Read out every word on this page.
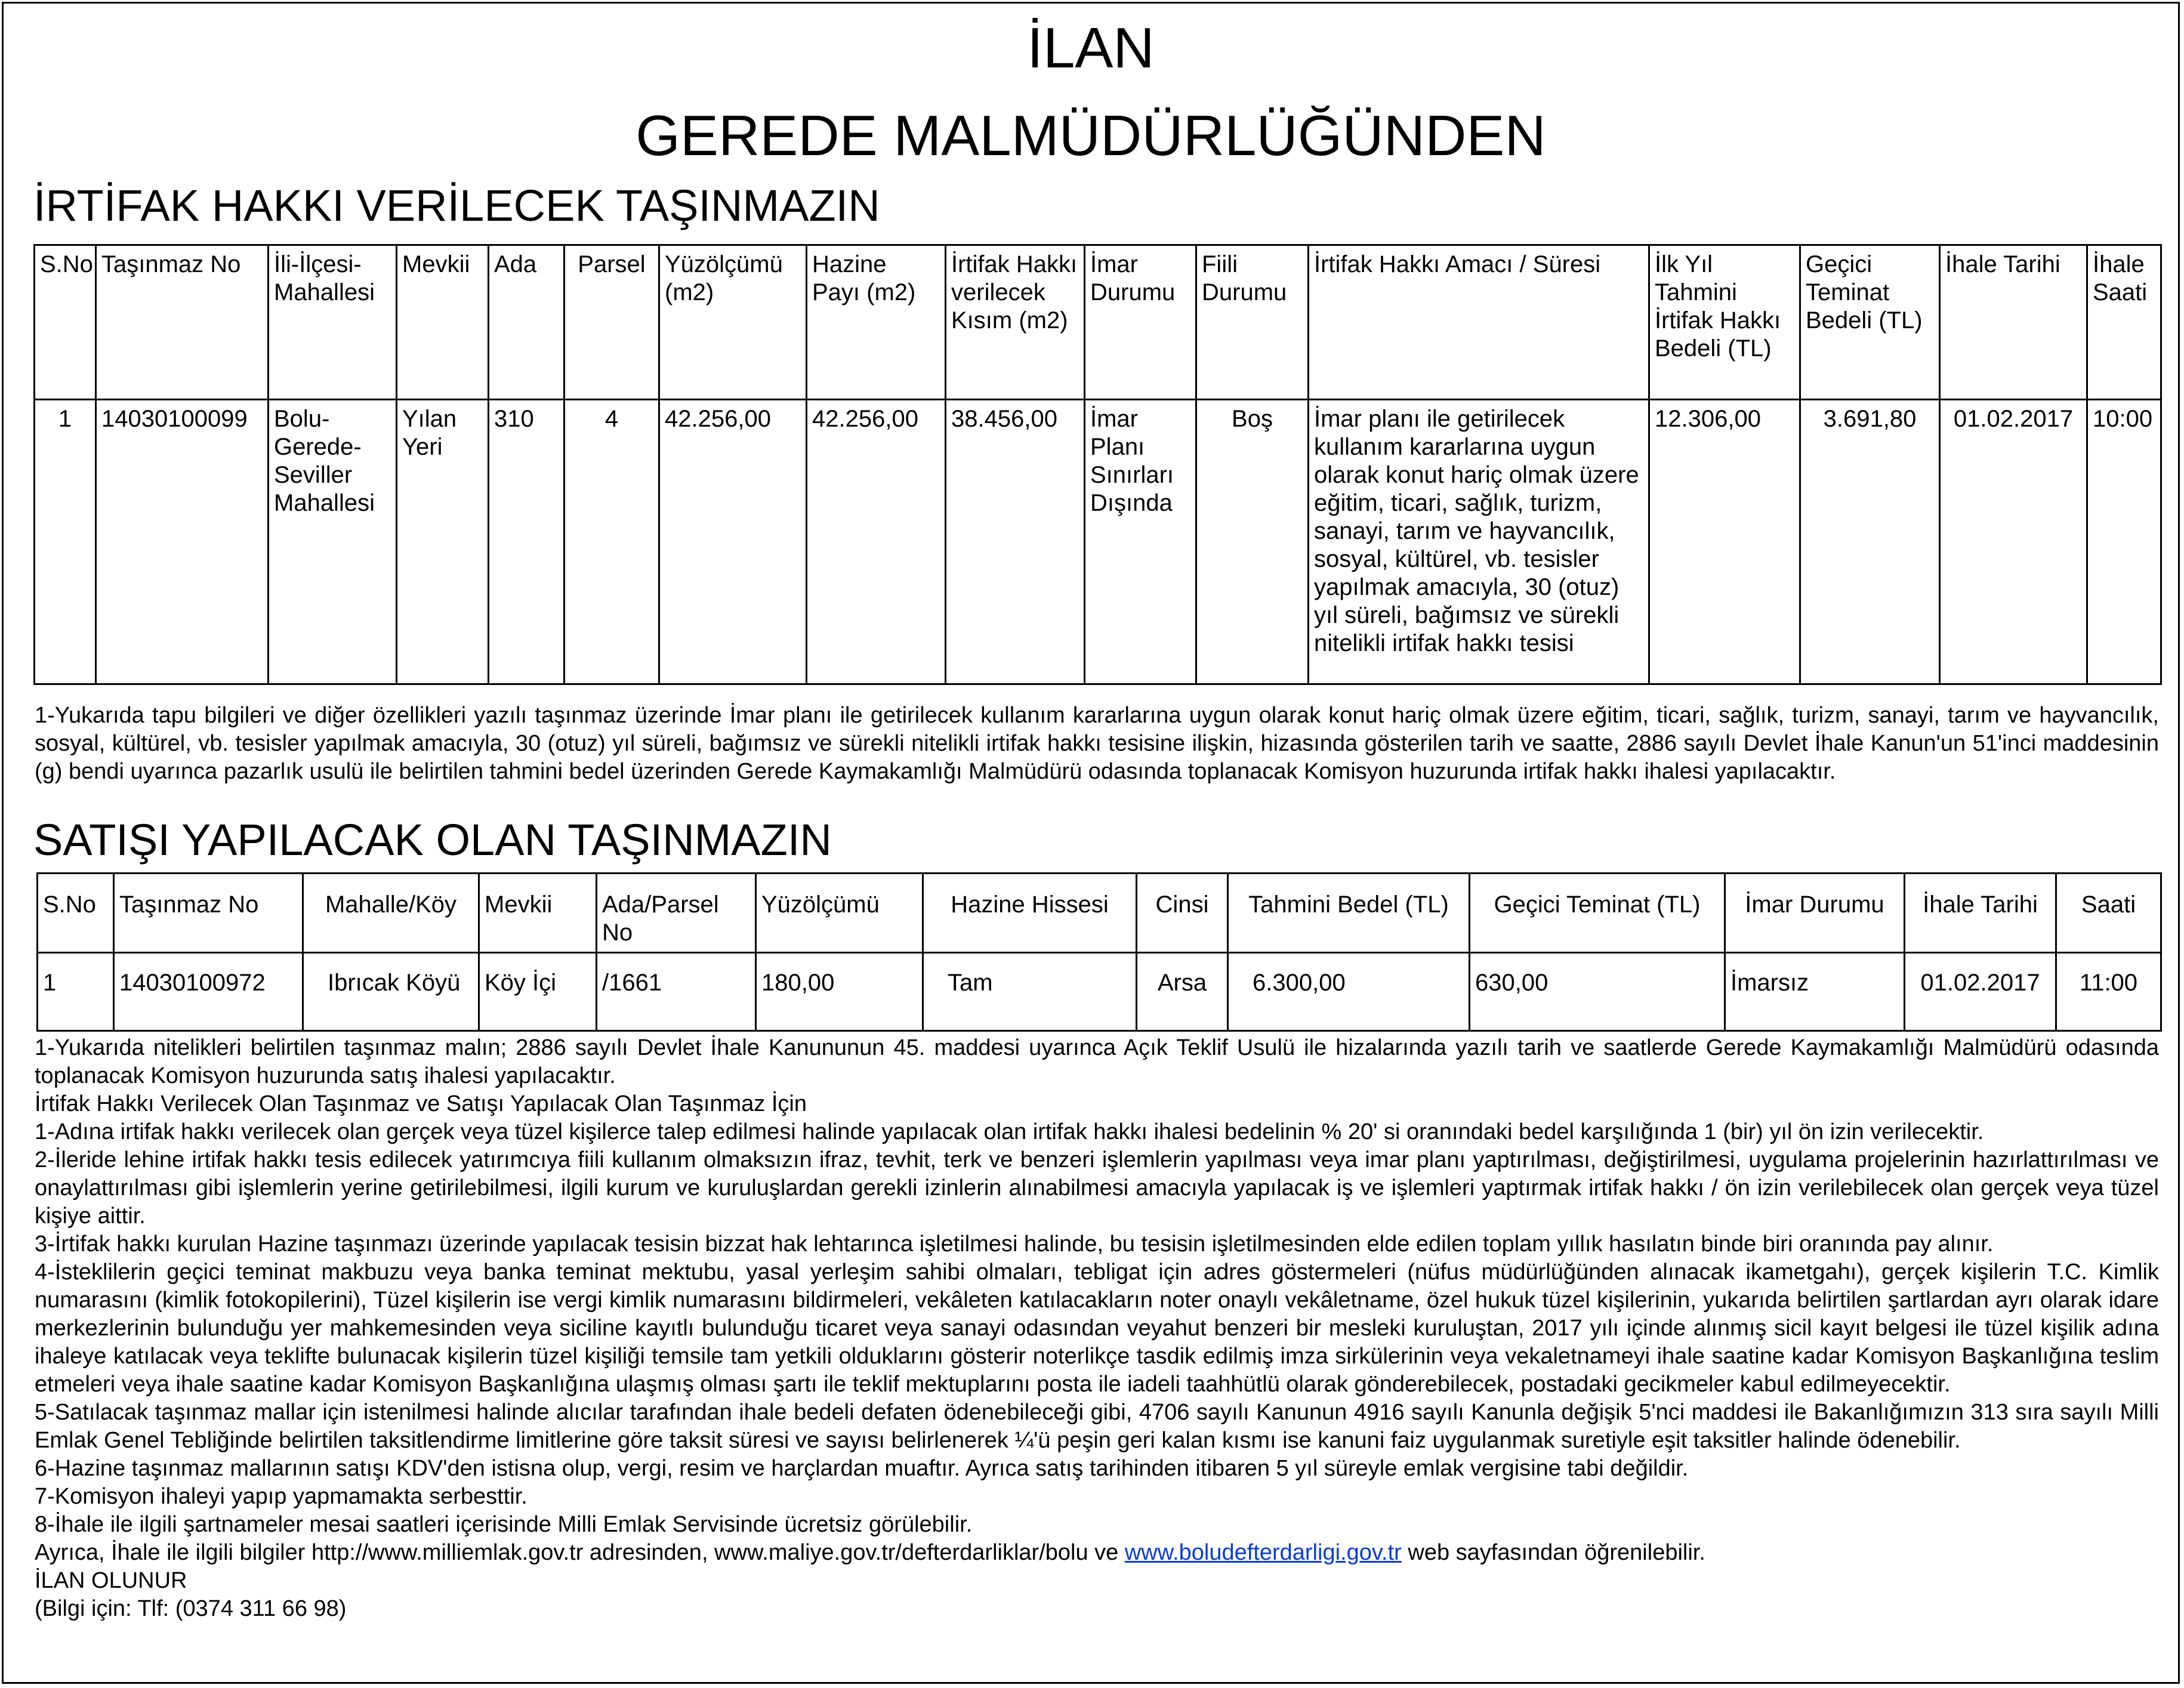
İLAN
GEREDE MALMÜDÜRLÜĞÜNDEN
İRTİFAK HAKKI VERİLECEK TAŞINMAZIN
S.No	Taşınmaz No	İli-İlçesi-Mahallesi	Mevkii	Ada	Parsel	Yüzölçümü (m2)	Hazine Payı (m2)	İrtifak Hakkı verilecek Kısım (m2)	İmar Durumu	Fiili Durumu	İrtifak Hakkı Amacı / Süresi	İlk Yıl Tahmini İrtifak Hakkı Bedeli (TL)	Geçici Teminat Bedeli (TL)	İhale Tarihi	İhale Saati
1	14030100099	Bolu-Gerede-Seviller Mahallesi	Yılan Yeri	310	4	42.256,00	42.256,00	38.456,00	İmar Planı Sınırları Dışında	Boş	İmar planı ile getirilecek kullanım kararlarına uygun olarak konut hariç olmak üzere eğitim, ticari, sağlık, turizm, sanayi, tarım ve hayvancılık, sosyal, kültürel, vb. tesisler yapılmak amacıyla, 30 (otuz) yıl süreli, bağımsız ve sürekli nitelikli irtifak hakkı tesisi	12.306,00	3.691,80	01.02.2017	10:00

1-Yukarıda tapu bilgileri ve diğer özellikleri yazılı taşınmaz üzerinde İmar planı ile getirilecek kullanım kararlarına uygun olarak konut hariç olmak üzere eğitim, ticari, sağlık, turizm, sanayi, tarım ve hayvancılık, sosyal, kültürel, vb. tesisler yapılmak amacıyla, 30 (otuz) yıl süreli, bağımsız ve sürekli nitelikli irtifak hakkı tesisine ilişkin, hizasında gösterilen tarih ve saatte, 2886 sayılı Devlet İhale Kanun'un 51'inci maddesinin (g) bendi uyarınca pazarlık usulü ile belirtilen tahmini bedel üzerinden Gerede Kaymakamlığı Malmüdürü odasında toplanacak Komisyon huzurunda irtifak hakkı ihalesi yapılacaktır.

SATIŞI YAPILACAK OLAN TAŞINMAZIN
S.No	Taşınmaz No	Mahalle/Köy	Mevkii	Ada/Parsel No	Yüzölçümü	Hazine Hissesi	Cinsi	Tahmini Bedel (TL)	Geçici Teminat (TL)	İmar Durumu	İhale Tarihi	Saati
1	14030100972	Ibrıcak Köyü	Köy İçi	/1661	180,00	Tam	Arsa	6.300,00	630,00	İmarsız	01.02.2017	11:00

1-Yukarıda nitelikleri belirtilen taşınmaz malın; 2886 sayılı Devlet İhale Kanununun 45. maddesi uyarınca Açık Teklif Usulü ile hizalarında yazılı tarih ve saatlerde Gerede Kaymakamlığı Malmüdürü odasında toplanacak Komisyon huzurunda satış ihalesi yapılacaktır.

İrtifak Hakkı Verilecek Olan Taşınmaz ve Satışı Yapılacak Olan Taşınmaz İçin

1-Adına irtifak hakkı verilecek olan gerçek veya tüzel kişilerce talep edilmesi halinde yapılacak olan irtifak hakkı ihalesi bedelinin % 20' si oranındaki bedel karşılığında 1 (bir) yıl ön izin verilecektir.

2-İleride lehine irtifak hakkı tesis edilecek yatırımcıya fiili kullanım olmaksızın ifraz, tevhit, terk ve benzeri işlemlerin yapılması veya imar planı yaptırılması, değiştirilmesi, uygulama projelerinin hazırlattırılması ve onaylattırılması gibi işlemlerin yerine getirilebilmesi, ilgili kurum ve kuruluşlardan gerekli izinlerin alınabilmesi amacıyla yapılacak iş ve işlemleri yaptırmak irtifak hakkı / ön izin verilebilecek olan gerçek veya tüzel kişiye aittir.

3-İrtifak hakkı kurulan Hazine taşınmazı üzerinde yapılacak tesisin bizzat hak lehtarınca işletilmesi halinde, bu tesisin işletilmesinden elde edilen toplam yıllık hasılatın binde biri oranında pay alınır.

4-İsteklilerin geçici teminat makbuzu veya banka teminat mektubu, yasal yerleşim sahibi olmaları, tebligat için adres göstermeleri (nüfus müdürlüğünden alınacak ikametgahı), gerçek kişilerin T.C. Kimlik numarasını (kimlik fotokopilerini), Tüzel kişilerin ise vergi kimlik numarasını bildirmeleri, vekâleten katılacakların noter onaylı vekâletname, özel hukuk tüzel kişilerinin, yukarıda belirtilen şartlardan ayrı olarak idare merkezlerinin bulunduğu yer mahkemesinden veya siciline kayıtlı bulunduğu ticaret veya sanayi odasından veyahut benzeri bir mesleki kuruluştan, 2017 yılı içinde alınmış sicil kayıt belgesi ile tüzel kişilik adına ihaleye katılacak veya teklifte bulunacak kişilerin tüzel kişiliği temsile tam yetkili olduklarını gösterir noterlikçe tasdik edilmiş imza sirkülerinin veya vekaletnameyi ihale saatine kadar Komisyon Başkanlığına teslim etmeleri veya ihale saatine kadar Komisyon Başkanlığına ulaşmış olması şartı ile teklif mektuplarını posta ile iadeli taahhütlü olarak gönderebilecek, postadaki gecikmeler kabul edilmeyecektir.

5-Satılacak taşınmaz mallar için istenilmesi halinde alıcılar tarafından ihale bedeli defaten ödenebileceği gibi, 4706 sayılı Kanunun 4916 sayılı Kanunla değişik 5'nci maddesi ile Bakanlığımızın 313 sıra sayılı Milli Emlak Genel Tebliğinde belirtilen taksitlendirme limitlerine göre taksit süresi ve sayısı belirlenerek ¼'ü peşin geri kalan kısmı ise kanuni faiz uygulanmak suretiyle eşit taksitler halinde ödenebilir.

6-Hazine taşınmaz mallarının satışı KDV'den istisna olup, vergi, resim ve harçlardan muaftır. Ayrıca satış tarihinden itibaren 5 yıl süreyle emlak vergisine tabi değildir.

7-Komisyon ihaleyi yapıp yapmamakta serbesttir.

8-İhale ile ilgili şartnameler mesai saatleri içerisinde Milli Emlak Servisinde ücretsiz görülebilir.

Ayrıca, İhale ile ilgili bilgiler http://www.milliemlak.gov.tr adresinden, www.maliye.gov.tr/defterdarliklar/bolu ve www.boludefterdarligi.gov.tr web sayfasından öğrenilebilir.

İLAN OLUNUR

(Bilgi için: Tlf: (0374 311 66 98)
